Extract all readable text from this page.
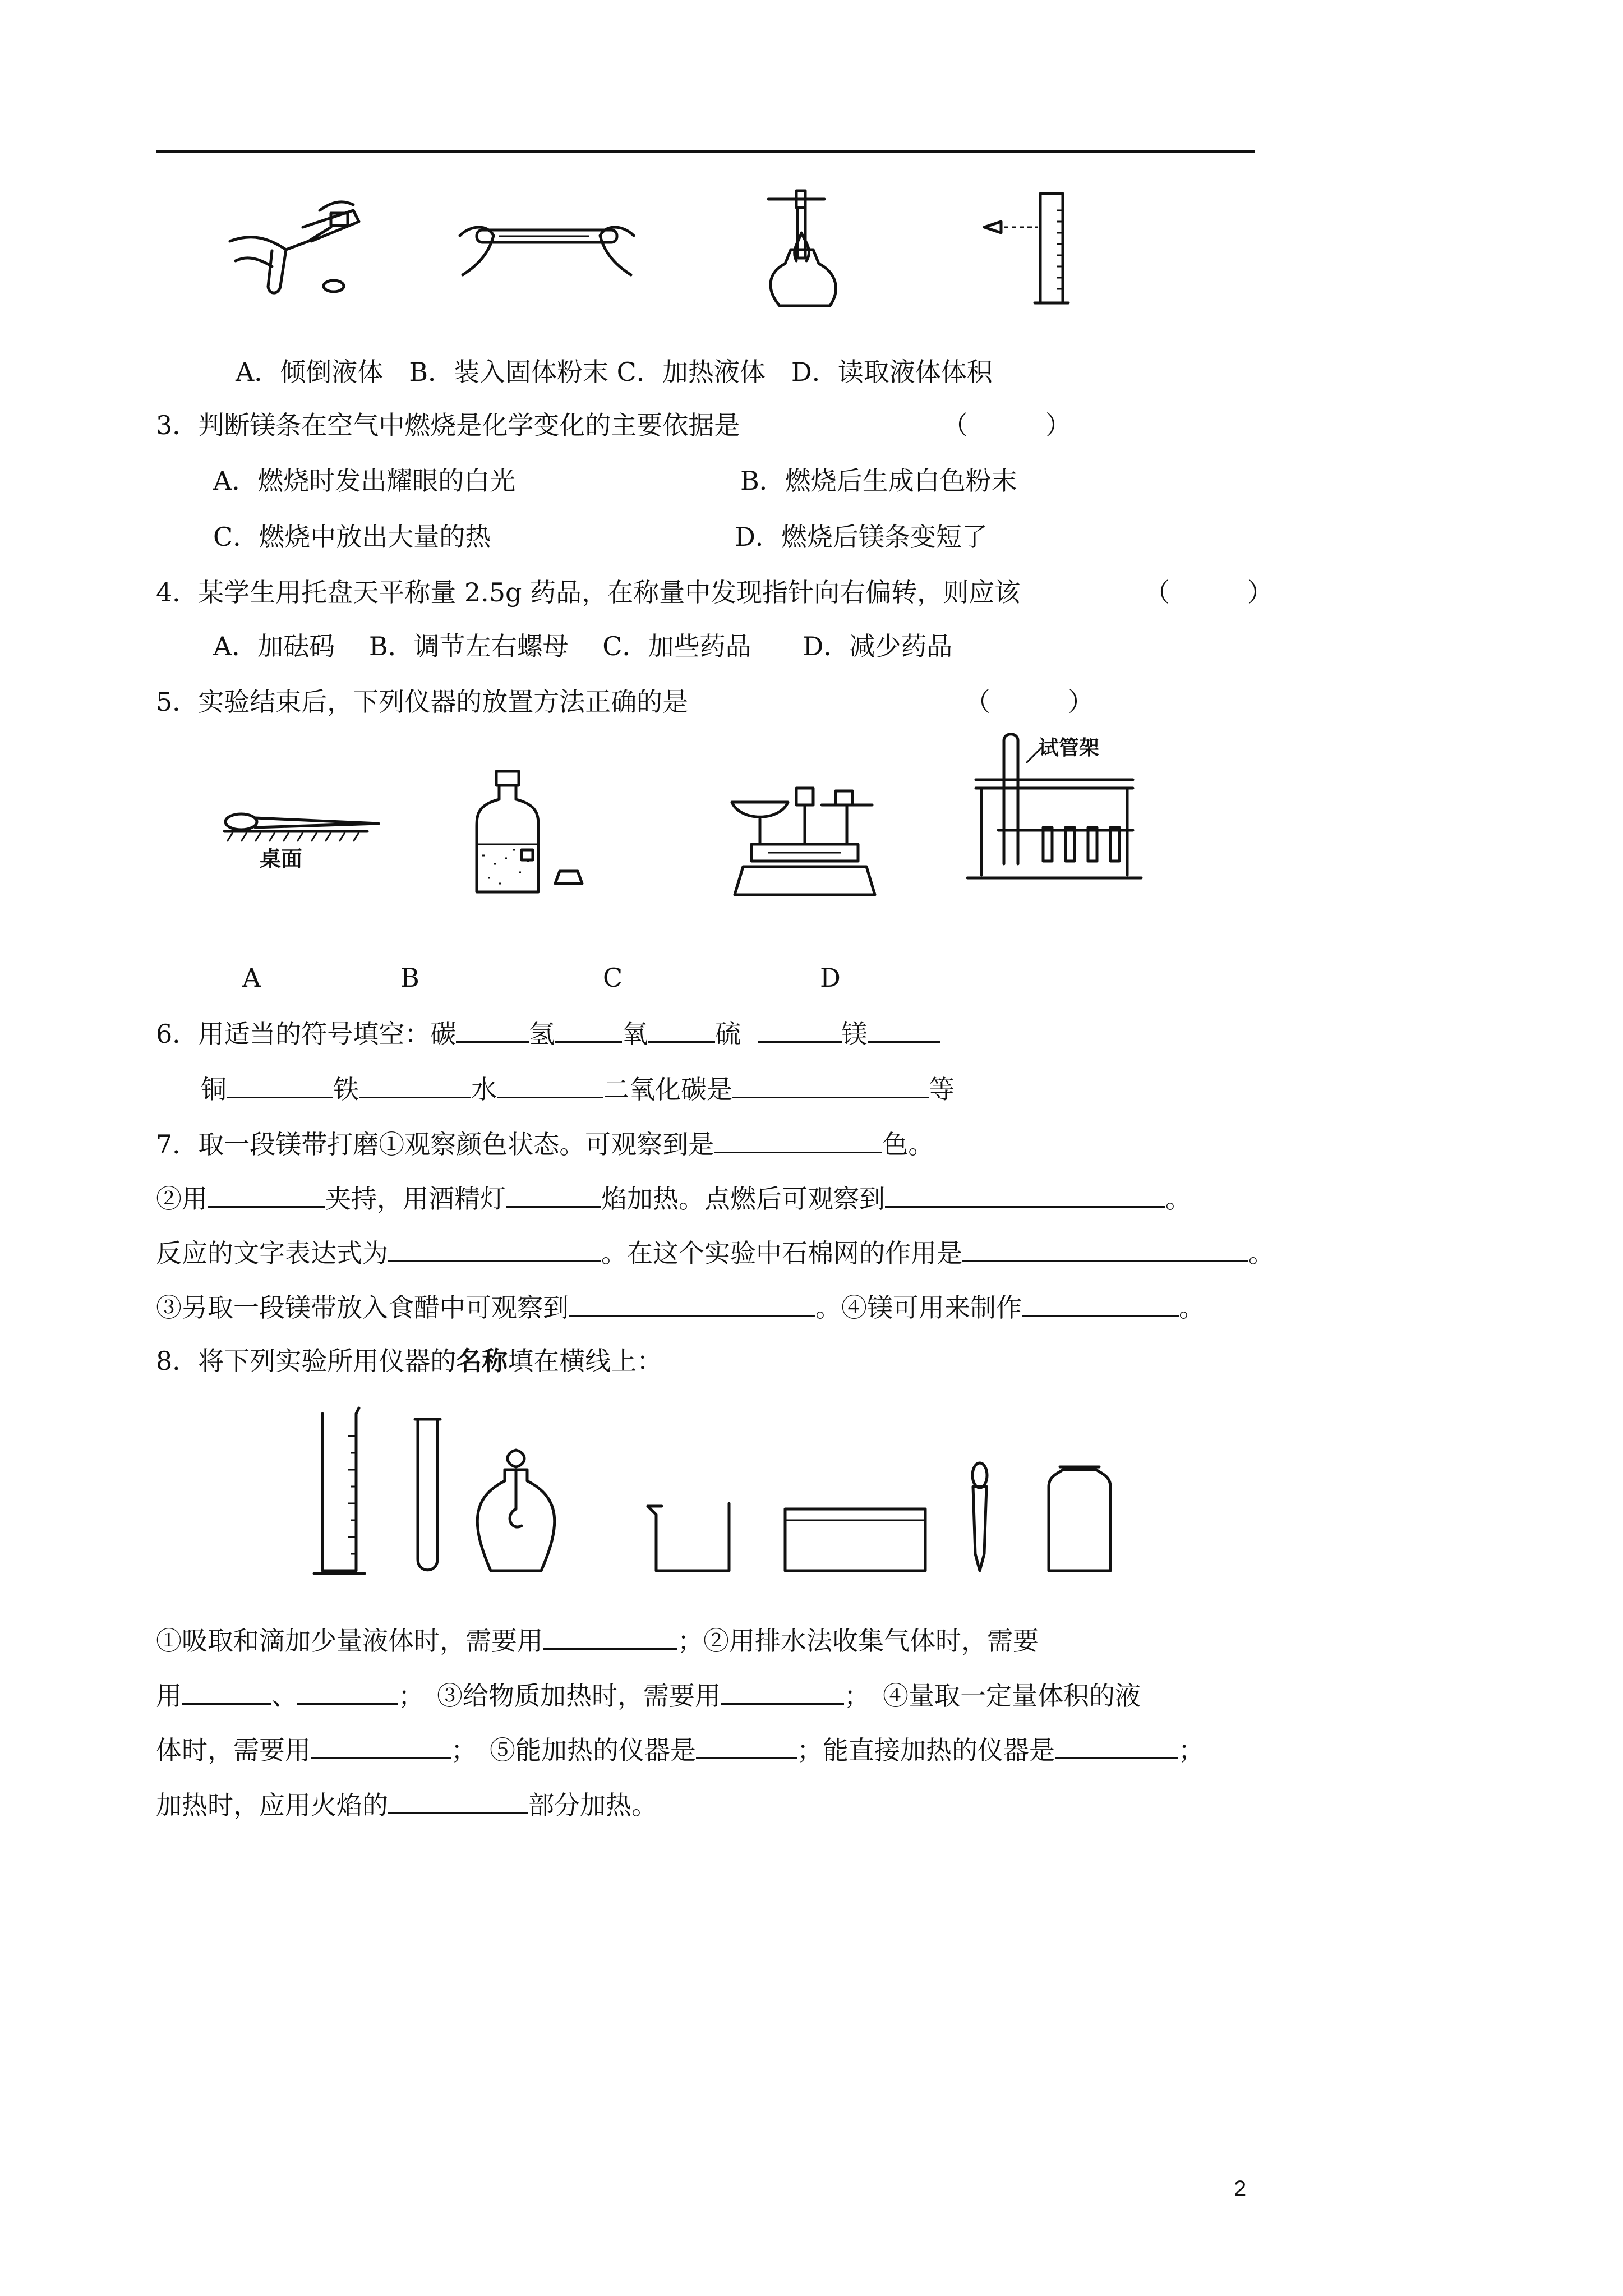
A．倾倒液体　B．装入固体粉末 C．加热液体　D．读取液体体积
3．判断镁条在空气中燃烧是化学变化的主要依据是	（　　　）
A．燃烧时发出耀眼的白光	B．燃烧后生成白色粉末
C．燃烧中放出大量的热	D．燃烧后镁条变短了
4．某学生用托盘天平称量 2.5g 药品，在称量中发现指针向右偏转，则应该	（　　　）
A．加砝码　 B．调节左右螺母　 C．加些药品　　D．减少药品
5．实验结束后，下列仪器的放置方法正确的是	（　　　）
桌面
试管架
A	B	C	D
6．用适当的符号填空：碳	氢	氧	硫	镁
铜	铁	水	二氧化碳是	等
7．取一段镁带打磨①观察颜色状态。可观察到是	色。
②用	夹持，用酒精灯	焰加热。点燃后可观察到	。
反应的文字表达式为	。在这个实验中石棉网的作用是	。
③另取一段镁带放入食醋中可观察到	。④镁可用来制作	。
8．将下列实验所用仪器的名称填在横线上：
①吸取和滴加少量液体时，需要用	；②用排水法收集气体时，需要
用	、	；　③给物质加热时，需要用	；　④量取一定量体积的液
体时，需要用	；　⑤能加热的仪器是	；能直接加热的仪器是	；
加热时，应用火焰的	部分加热。
2
